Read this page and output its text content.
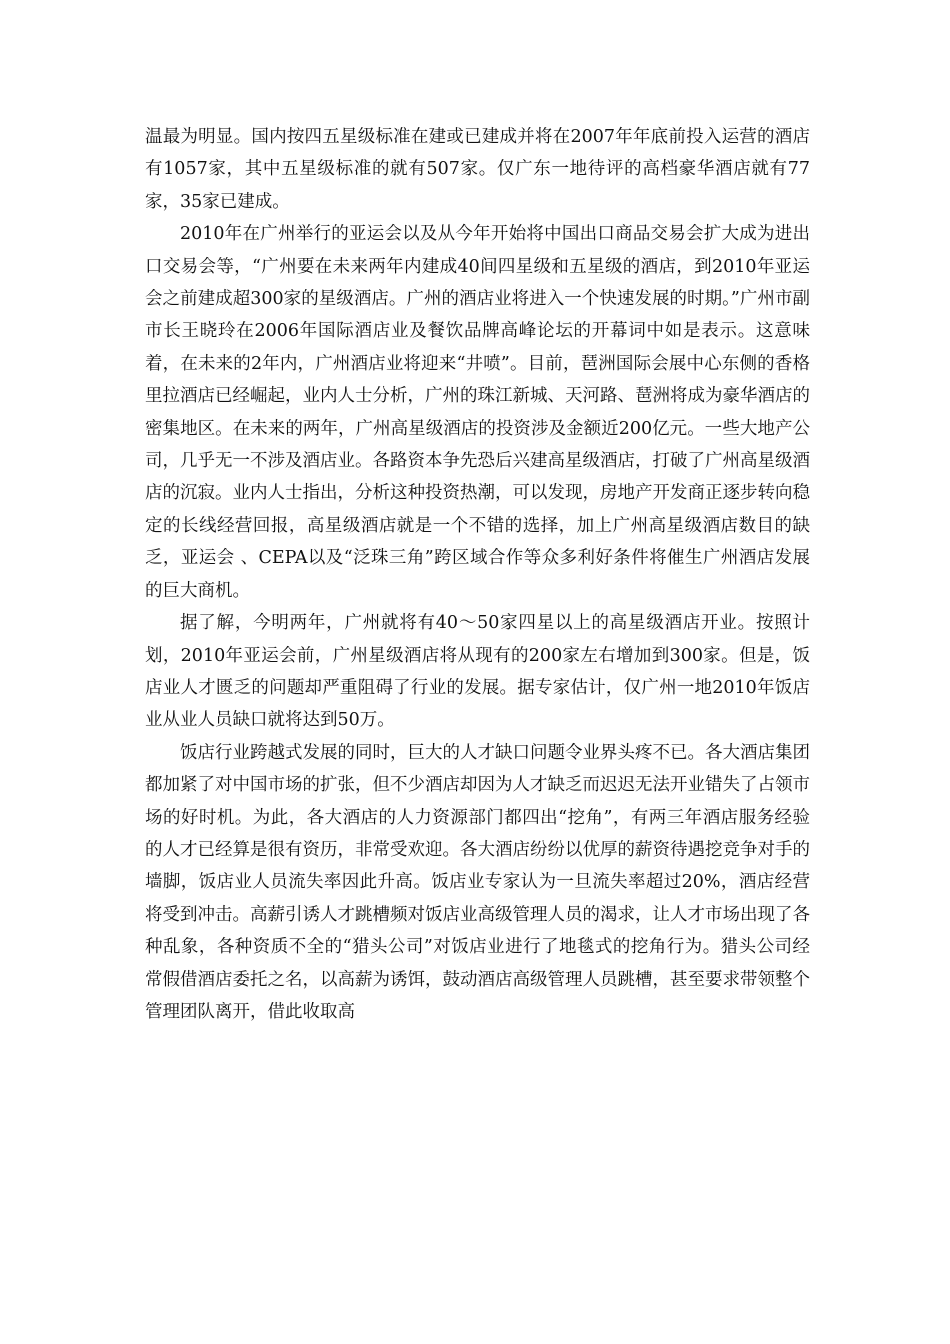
温最为明显。国内按四五星级标准在建或已建成并将在2007年年底前投入运营的酒店有1057家，其中五星级标准的就有507家。仅广东一地待评的高档豪华酒店就有77家，35家已建成。

2010年在广州举行的亚运会以及从今年开始将中国出口商品交易会扩大成为进出口交易会等，“广州要在未来两年内建成40间四星级和五星级的酒店，到2010年亚运会之前建成超300家的星级酒店。广州的酒店业将进入一个快速发展的时期。”广州市副市长王晓玲在2006年国际酒店业及餐饮品牌高峰论坛的开幕词中如是表示。这意味着，在未来的2年内，广州酒店业将迎来“井喷”。目前，琶洲国际会展中心东侧的香格里拉酒店已经崛起，业内人士分析，广州的珠江新城、天河路、琶洲将成为豪华酒店的密集地区。在未来的两年，广州高星级酒店的投资涉及金额近200亿元。一些大地产公司，几乎无一不涉及酒店业。各路资本争先恐后兴建高星级酒店，打破了广州高星级酒店的沉寂。业内人士指出，分析这种投资热潮，可以发现，房地产开发商正逐步转向稳定的长线经营回报，高星级酒店就是一个不错的选择，加上广州高星级酒店数目的缺乏，亚运会 、CEPA以及“泛珠三角”跨区域合作等众多利好条件将催生广州酒店发展的巨大商机。

据了解，今明两年，广州就将有40～50家四星以上的高星级酒店开业。按照计划，2010年亚运会前，广州星级酒店将从现有的200家左右增加到300家。但是，饭店业人才匮乏的问题却严重阻碍了行业的发展。据专家估计，仅广州一地2010年饭店业从业人员缺口就将达到50万。

饭店行业跨越式发展的同时，巨大的人才缺口问题令业界头疼不已。各大酒店集团都加紧了对中国市场的扩张，但不少酒店却因为人才缺乏而迟迟无法开业错失了占领市场的好时机。为此，各大酒店的人力资源部门都四出“挖角”，有两三年酒店服务经验的人才已经算是很有资历，非常受欢迎。各大酒店纷纷以优厚的薪资待遇挖竞争对手的墙脚，饭店业人员流失率因此升高。饭店业专家认为一旦流失率超过20%，酒店经营将受到冲击。高薪引诱人才跳槽频对饭店业高级管理人员的渴求，让人才市场出现了各种乱象，各种资质不全的“猎头公司”对饭店业进行了地毯式的挖角行为。猎头公司经常假借酒店委托之名，以高薪为诱饵，鼓动酒店高级管理人员跳槽，甚至要求带领整个管理团队离开，借此收取高
